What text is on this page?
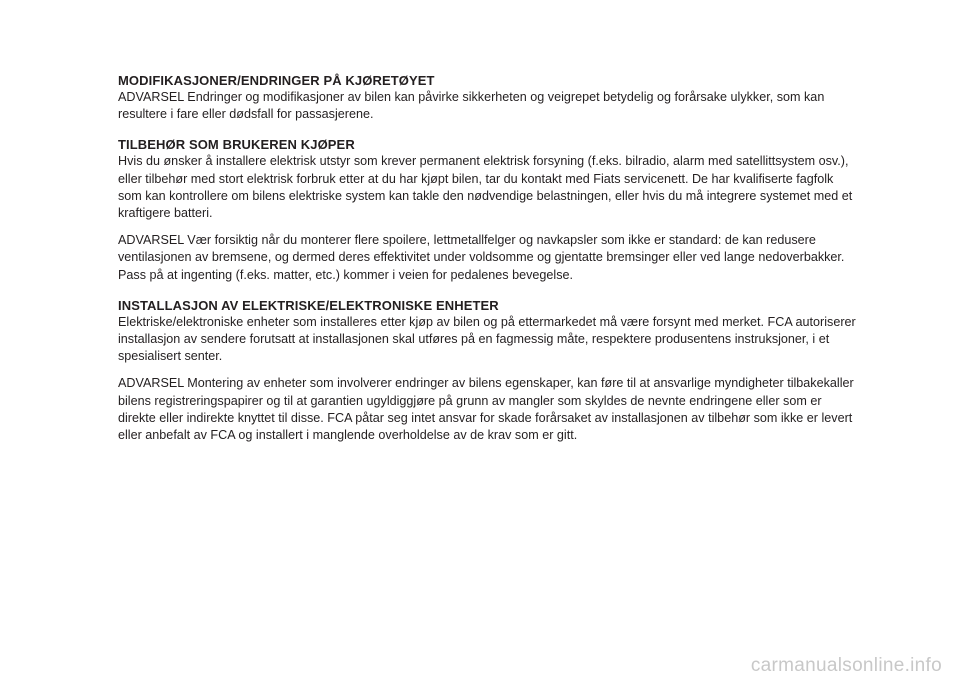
MODIFIKASJONER/ENDRINGER PÅ KJØRETØYET

ADVARSEL Endringer og modifikasjoner av bilen kan påvirke sikkerheten og veigrepet betydelig og forårsake ulykker, som kan resultere i fare eller dødsfall for passasjerene.

TILBEHØR SOM BRUKEREN KJØPER

Hvis du ønsker å installere elektrisk utstyr som krever permanent elektrisk forsyning (f.eks. bilradio, alarm med satellittsystem osv.), eller tilbehør med stort elektrisk forbruk etter at du har kjøpt bilen, tar du kontakt med Fiats servicenett. De har kvalifiserte fagfolk som kan kontrollere om bilens elektriske system kan takle den nødvendige belastningen, eller hvis du må integrere systemet med et kraftigere batteri.

ADVARSEL Vær forsiktig når du monterer flere spoilere, lettmetallfelger og navkapsler som ikke er standard: de kan redusere ventilasjonen av bremsene, og dermed deres effektivitet under voldsomme og gjentatte bremsinger eller ved lange nedoverbakker. Pass på at ingenting (f.eks. matter, etc.) kommer i veien for pedalenes bevegelse.

INSTALLASJON AV ELEKTRISKE/ELEKTRONISKE ENHETER

Elektriske/elektroniske enheter som installeres etter kjøp av bilen og på ettermarkedet må være forsynt med merket. FCA autoriserer installasjon av sendere forutsatt at installasjonen skal utføres på en fagmessig måte, respektere produsentens instruksjoner, i et spesialisert senter.

ADVARSEL Montering av enheter som involverer endringer av bilens egenskaper, kan føre til at ansvarlige myndigheter tilbakekaller bilens registreringspapirer og til at garantien ugyldiggjøre på grunn av mangler som skyldes de nevnte endringene eller som er direkte eller indirekte knyttet til disse. FCA påtar seg intet ansvar for skade forårsaket av installasjonen av tilbehør som ikke er levert eller anbefalt av FCA og installert i manglende overholdelse av de krav som er gitt.

carmanualsonline.info
